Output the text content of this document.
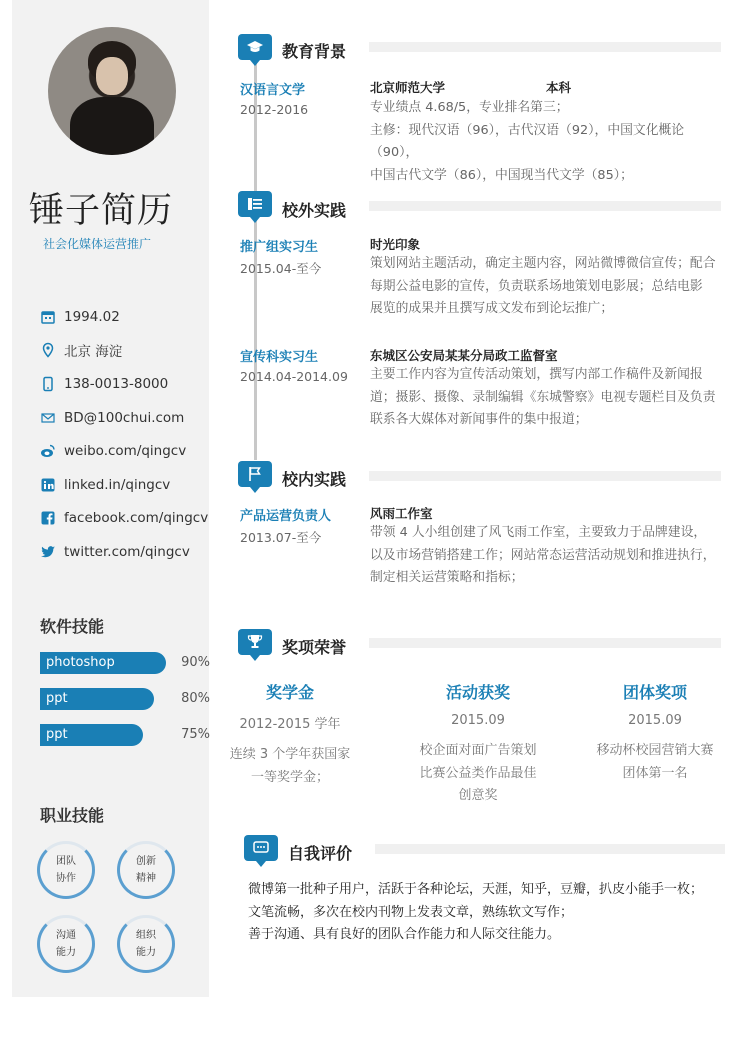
锤子简历
社会化媒体运营推广
1994.02
北京 海淀
138-0013-8000
BD@100chui.com
weibo.com/qingcv
linked.in/qingcv
facebook.com/qingcv
twitter.com/qingcv
软件技能
photoshop	90%
ppt	80%
ppt	75%
职业技能
团队
协作
创新
精神
沟通
能力
组织
能力
教育背景
汉语言文学
2012-2016
北京师范大学	本科
专业绩点 4.68/5，专业排名第三；
主修：现代汉语（96），古代汉语（92），中国文化概论（90），
中国古代文学（86），中国现当代文学（85）；
校外实践
推广组实习生
2015.04-至今
时光印象
策划网站主题活动，确定主题内容，网站微博微信宣传；配合
每期公益电影的宣传，负责联系场地策划电影展；总结电影
展览的成果并且撰写成文发布到论坛推广；
宣传科实习生
2014.04-2014.09
东城区公安局某某分局政工监督室
主要工作内容为宣传活动策划，撰写内部工作稿件及新闻报
道；摄影、摄像、录制编辑《东城警察》电视专题栏目及负责
联系各大媒体对新闻事件的集中报道；
校内实践
产品运营负责人
2013.07-至今
风雨工作室
带领 4 人小组创建了风飞雨工作室，主要致力于品牌建设，
以及市场营销搭建工作；网站常态运营活动规划和推进执行，
制定相关运营策略和指标；
奖项荣誉
奖学金
2012-2015 学年
连续 3 个学年获国家
一等奖学金；
活动获奖
2015.09
校企面对面广告策划
比赛公益类作品最佳
创意奖
团体奖项
2015.09
移动杯校园营销大赛
团体第一名
自我评价
微博第一批种子用户，活跃于各种论坛，天涯，知乎，豆瓣，扒皮小能手一枚；
文笔流畅，多次在校内刊物上发表文章，熟练软文写作；
善于沟通、具有良好的团队合作能力和人际交往能力。
